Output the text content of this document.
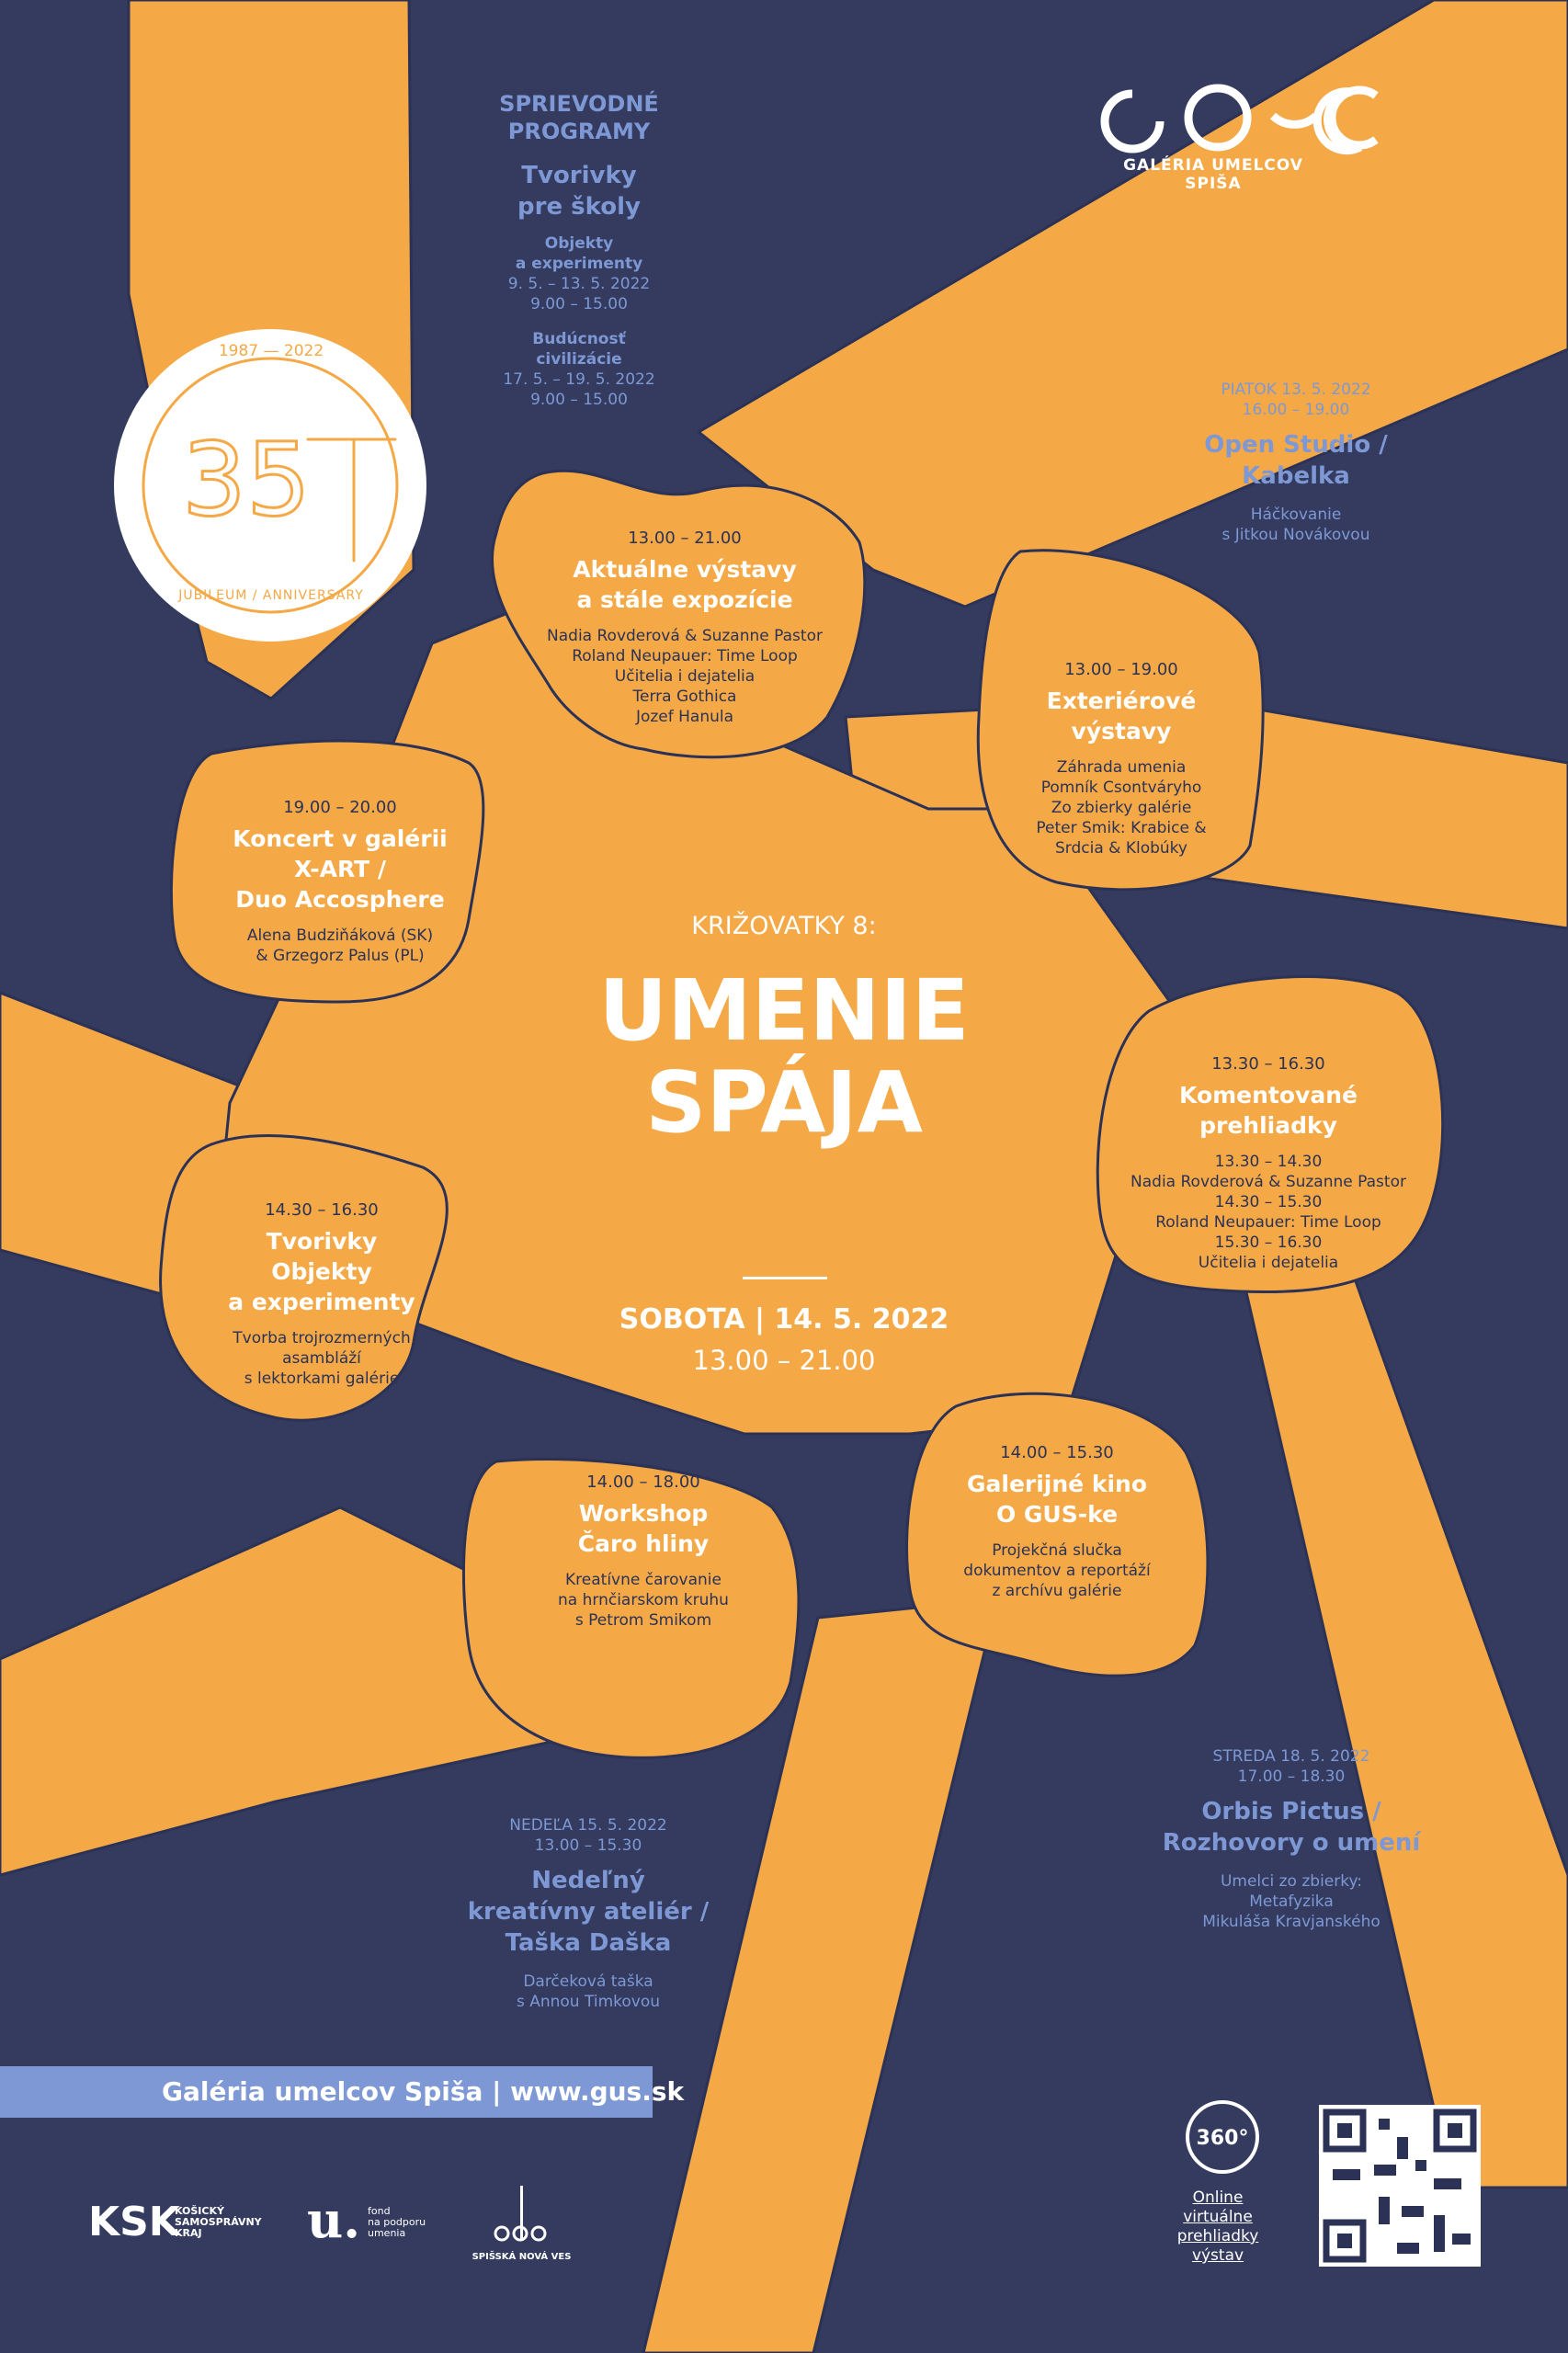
35
KSK	u.
360°
1987 — 2022
JUBILEUM / ANNIVERSARY
GALÉRIA UMELCOV SPIŠA
SPRIEVODNÉ
PROGRAMY
Tvorivky
pre školy
Objekty
a experimenty
9. 5. – 13. 5. 2022
9.00 – 15.00
Budúcnosť
civilizácie
17. 5. – 19. 5. 2022
9.00 – 15.00
PIATOK 13. 5. 2022
16.00 – 19.00
Open Studio /
Kabelka
Háčkovanie
s Jitkou Novákovou
13.00 – 21.00
Aktuálne výstavy
a stále expozície
Nadia Rovderová & Suzanne Pastor
Roland Neupauer: Time Loop
Učitelia i dejatelia
Terra Gothica
Jozef Hanula
13.00 – 19.00
Exteriérové
výstavy
Záhrada umenia
Pomník Csontváryho
Zo zbierky galérie
Peter Smik: Krabice &
Srdcia & Klobúky
19.00 – 20.00
Koncert v galérii
X-ART /
Duo Accosphere
Alena Budziňáková (SK)
& Grzegorz Palus (PL)
13.30 – 16.30
Komentované
prehliadky
13.30 – 14.30
Nadia Rovderová & Suzanne Pastor
14.30 – 15.30
Roland Neupauer: Time Loop
15.30 – 16.30
Učitelia i dejatelia
14.30 – 16.30
Tvorivky
Objekty
a experimenty
Tvorba trojrozmerných
asambláží
s lektorkami galérie
14.00 – 15.30
Galerijné kino
O GUS-ke
Projekčná slučka
dokumentov a reportáží
z archívu galérie
14.00 – 18.00
Workshop
Čaro hliny
Kreatívne čarovanie
na hrnčiarskom kruhu
s Petrom Smikom
KRIŽOVATKY 8:
UMENIE
SPÁJA
Noc múzeí a galérií
SOBOTA | 14. 5. 2022
13.00 – 21.00
STREDA 18. 5. 2022
17.00 – 18.30
Orbis Pictus /
Rozhovory o umení
Umelci zo zbierky:
Metafyzika
Mikuláša Kravjanského
NEDEĽA 15. 5. 2022
13.00 – 15.30
Nedeľný
kreatívny ateliér /
Taška Daška
Darčeková taška
s Annou Timkovou
Galéria umelcov Spiša | www.gus.sk
KOŠICKÝ
SAMOSPRÁVNY
KRAJ
fond
na podporu
umenia
SPIŠSKÁ NOVÁ VES
Online
virtuálne
prehliadky
výstav
